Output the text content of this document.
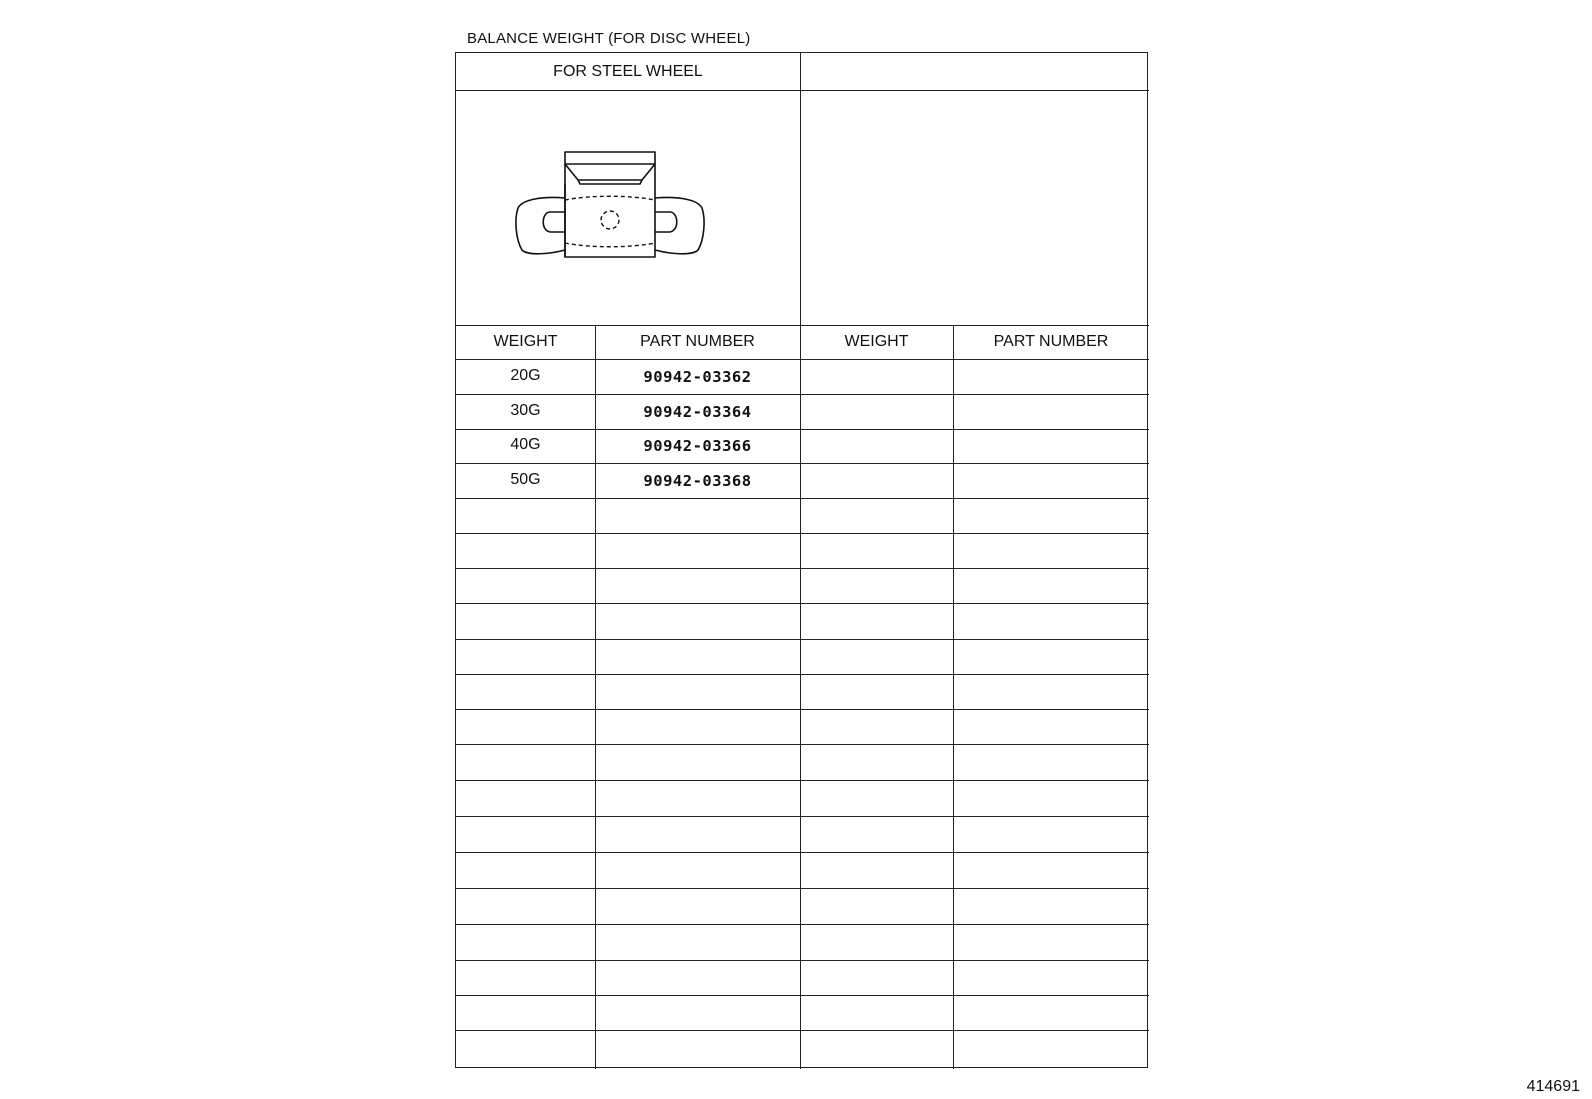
BALANCE WEIGHT (FOR DISC WHEEL)
FOR STEEL WHEEL
WEIGHT	PART NUMBER	WEIGHT	PART NUMBER
20G	90942-03362
30G	90942-03364
40G	90942-03366
50G	90942-03368
414691
